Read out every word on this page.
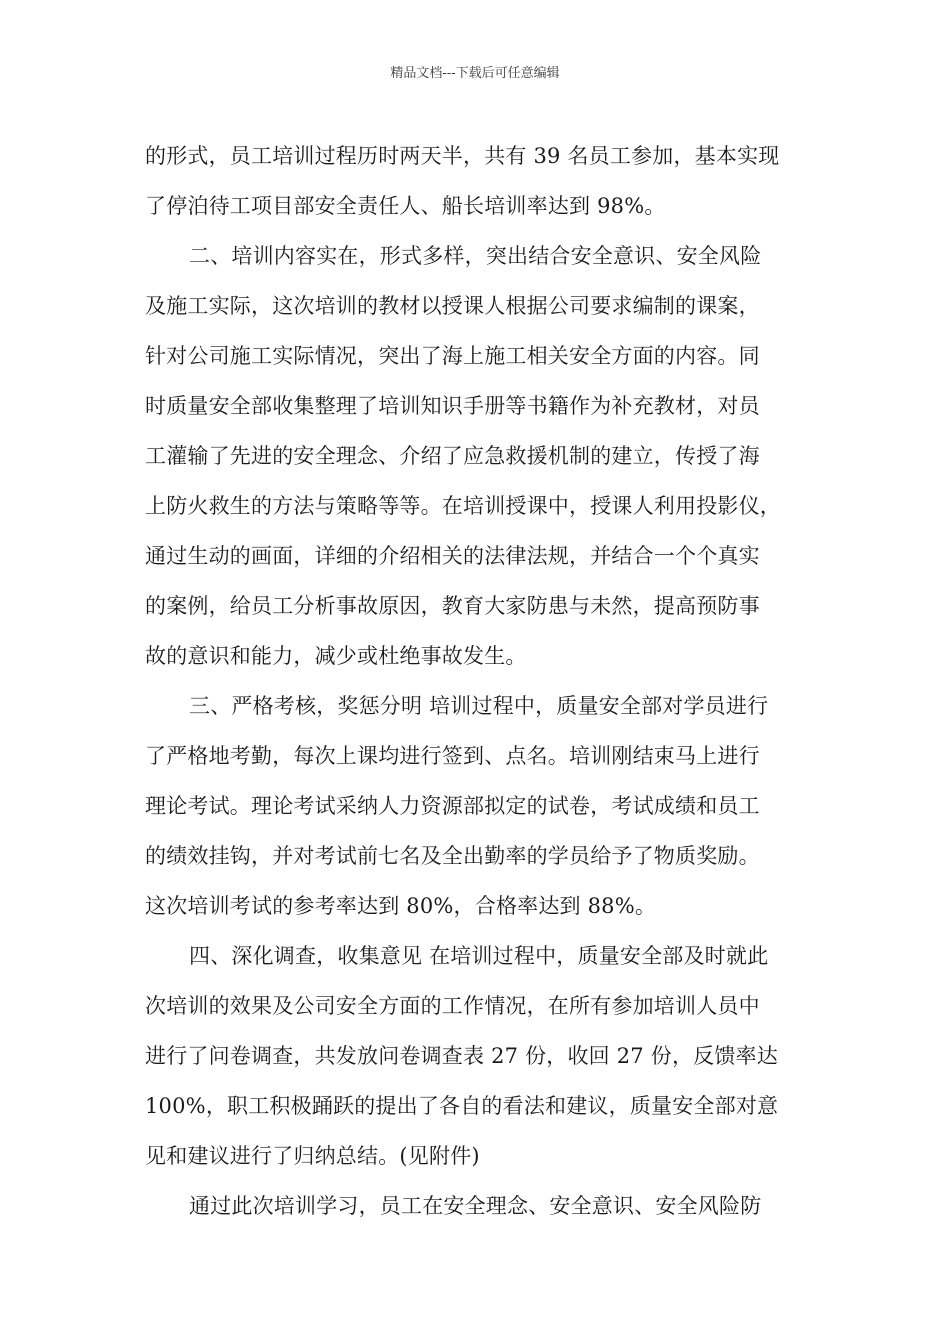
精品文档---下载后可任意编辑
的形式，员工培训过程历时两天半，共有 39 名员工参加，基本实现
了停泊待工项目部安全责任人、船长培训率达到 98%。
二、培训内容实在，形式多样，突出结合安全意识、安全风险
及施工实际，这次培训的教材以授课人根据公司要求编制的课案，
针对公司施工实际情况，突出了海上施工相关安全方面的内容。同
时质量安全部收集整理了培训知识手册等书籍作为补充教材，对员
工灌输了先进的安全理念、介绍了应急救援机制的建立，传授了海
上防火救生的方法与策略等等。在培训授课中，授课人利用投影仪，
通过生动的画面，详细的介绍相关的法律法规，并结合一个个真实
的案例，给员工分析事故原因，教育大家防患与未然，提高预防事
故的意识和能力，减少或杜绝事故发生。
三、严格考核，奖惩分明 培训过程中，质量安全部对学员进行
了严格地考勤，每次上课均进行签到、点名。培训刚结束马上进行
理论考试。理论考试采纳人力资源部拟定的试卷，考试成绩和员工
的绩效挂钩，并对考试前七名及全出勤率的学员给予了物质奖励。
这次培训考试的参考率达到 80%，合格率达到 88%。
四、深化调查，收集意见 在培训过程中，质量安全部及时就此
次培训的效果及公司安全方面的工作情况，在所有参加培训人员中
进行了问卷调查，共发放问卷调查表 27 份，收回 27 份，反馈率达
100%，职工积极踊跃的提出了各自的看法和建议，质量安全部对意
见和建议进行了归纳总结。(见附件)
通过此次培训学习，员工在安全理念、安全意识、安全风险防
